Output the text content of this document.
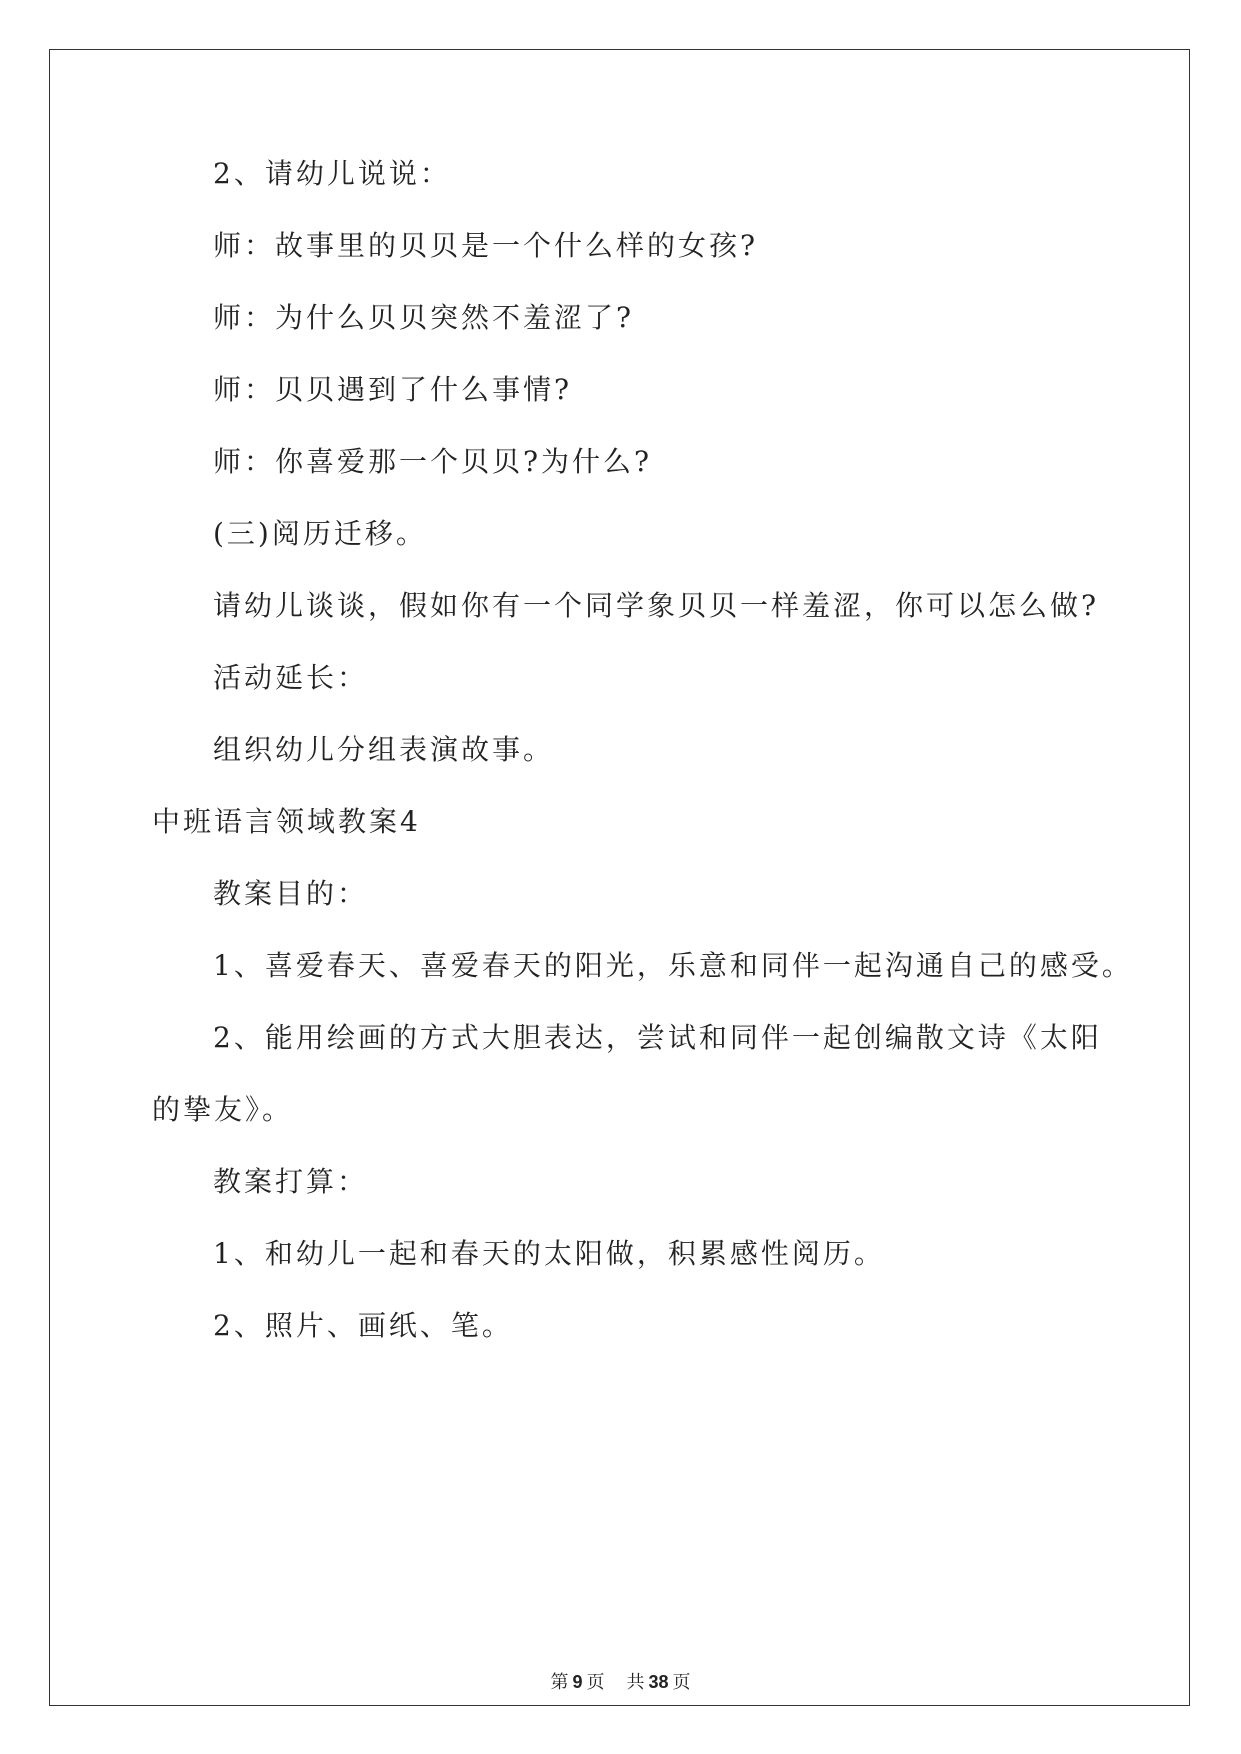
2、请幼儿说说：
师：故事里的贝贝是一个什么样的女孩?
师：为什么贝贝突然不羞涩了?
师：贝贝遇到了什么事情?
师：你喜爱那一个贝贝?为什么?
(三)阅历迁移。
请幼儿谈谈，假如你有一个同学象贝贝一样羞涩，你可以怎么做?
活动延长：
组织幼儿分组表演故事。
中班语言领域教案4
教案目的：
1、喜爱春天、喜爱春天的阳光，乐意和同伴一起沟通自己的感受。
2、能用绘画的方式大胆表达，尝试和同伴一起创编散文诗《太阳
的挚友》。
教案打算：
1、和幼儿一起和春天的太阳做，积累感性阅历。
2、照片、画纸、笔。
第 9 页 共 38 页
